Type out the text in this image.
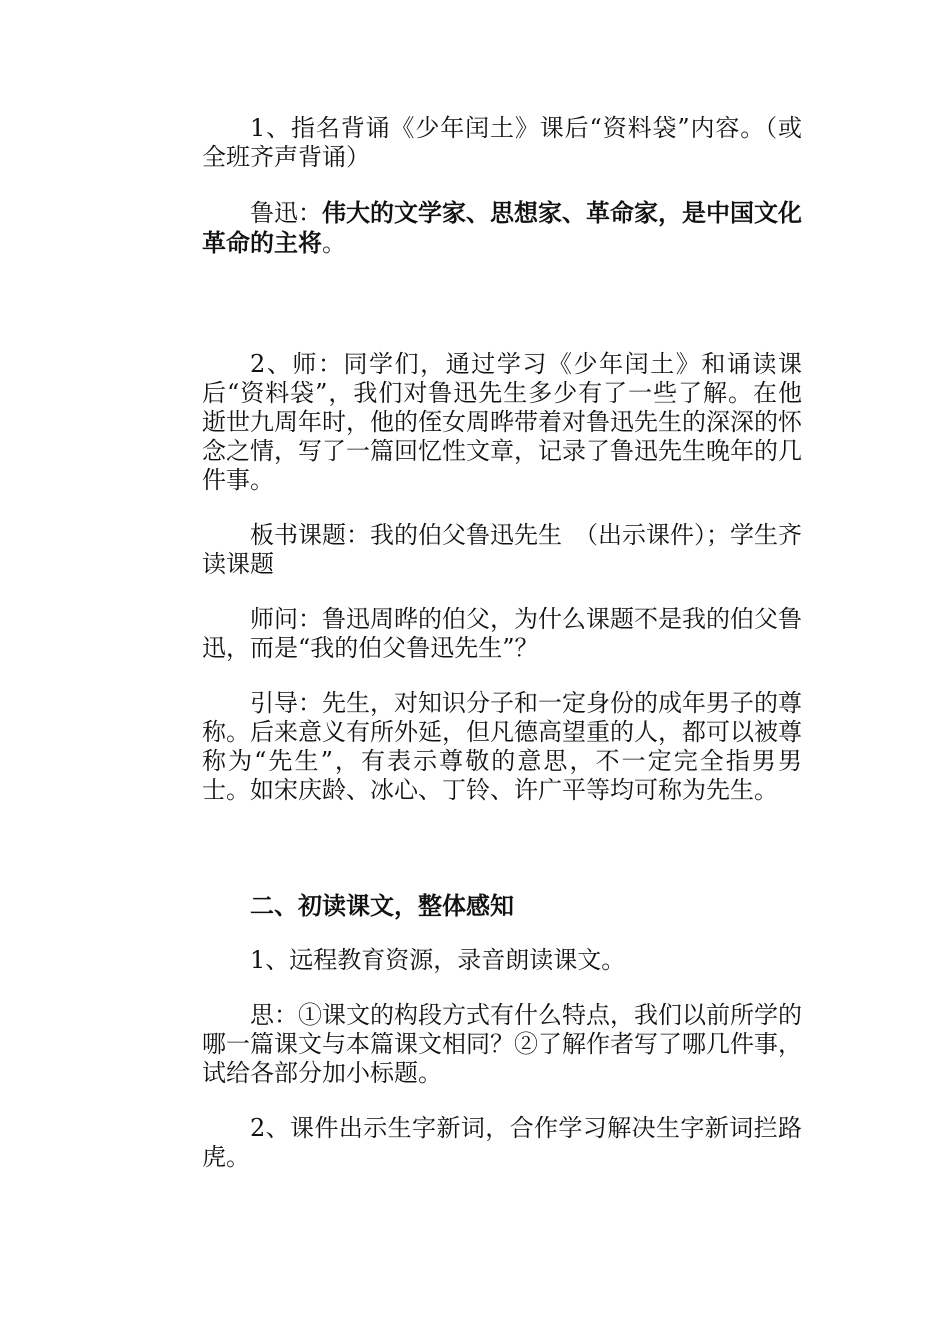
1、指名背诵《少年闰土》课后“资料袋”内容。（或全班齐声背诵）

鲁迅：伟大的文学家、思想家、革命家，是中国文化革命的主将。

2、师：同学们，通过学习《少年闰土》和诵读课后“资料袋”，我们对鲁迅先生多少有了一些了解。在他逝世九周年时，他的侄女周晔带着对鲁迅先生的深深的怀念之情，写了一篇回忆性文章，记录了鲁迅先生晚年的几件事。

板书课题：我的伯父鲁迅先生　（出示课件）；学生齐读课题

师问：鲁迅周晔的伯父，为什么课题不是我的伯父鲁迅，而是“我的伯父鲁迅先生”？

引导：先生，对知识分子和一定身份的成年男子的尊称。后来意义有所外延，但凡德高望重的人，都可以被尊称为“先生”，有表示尊敬的意思，不一定完全指男男士。如宋庆龄、冰心、丁铃、许广平等均可称为先生。

二、初读课文，整体感知

1、远程教育资源，录音朗读课文。

思：①课文的构段方式有什么特点，我们以前所学的哪一篇课文与本篇课文相同？②了解作者写了哪几件事，试给各部分加小标题。

2、课件出示生字新词，合作学习解决生字新词拦路虎。
